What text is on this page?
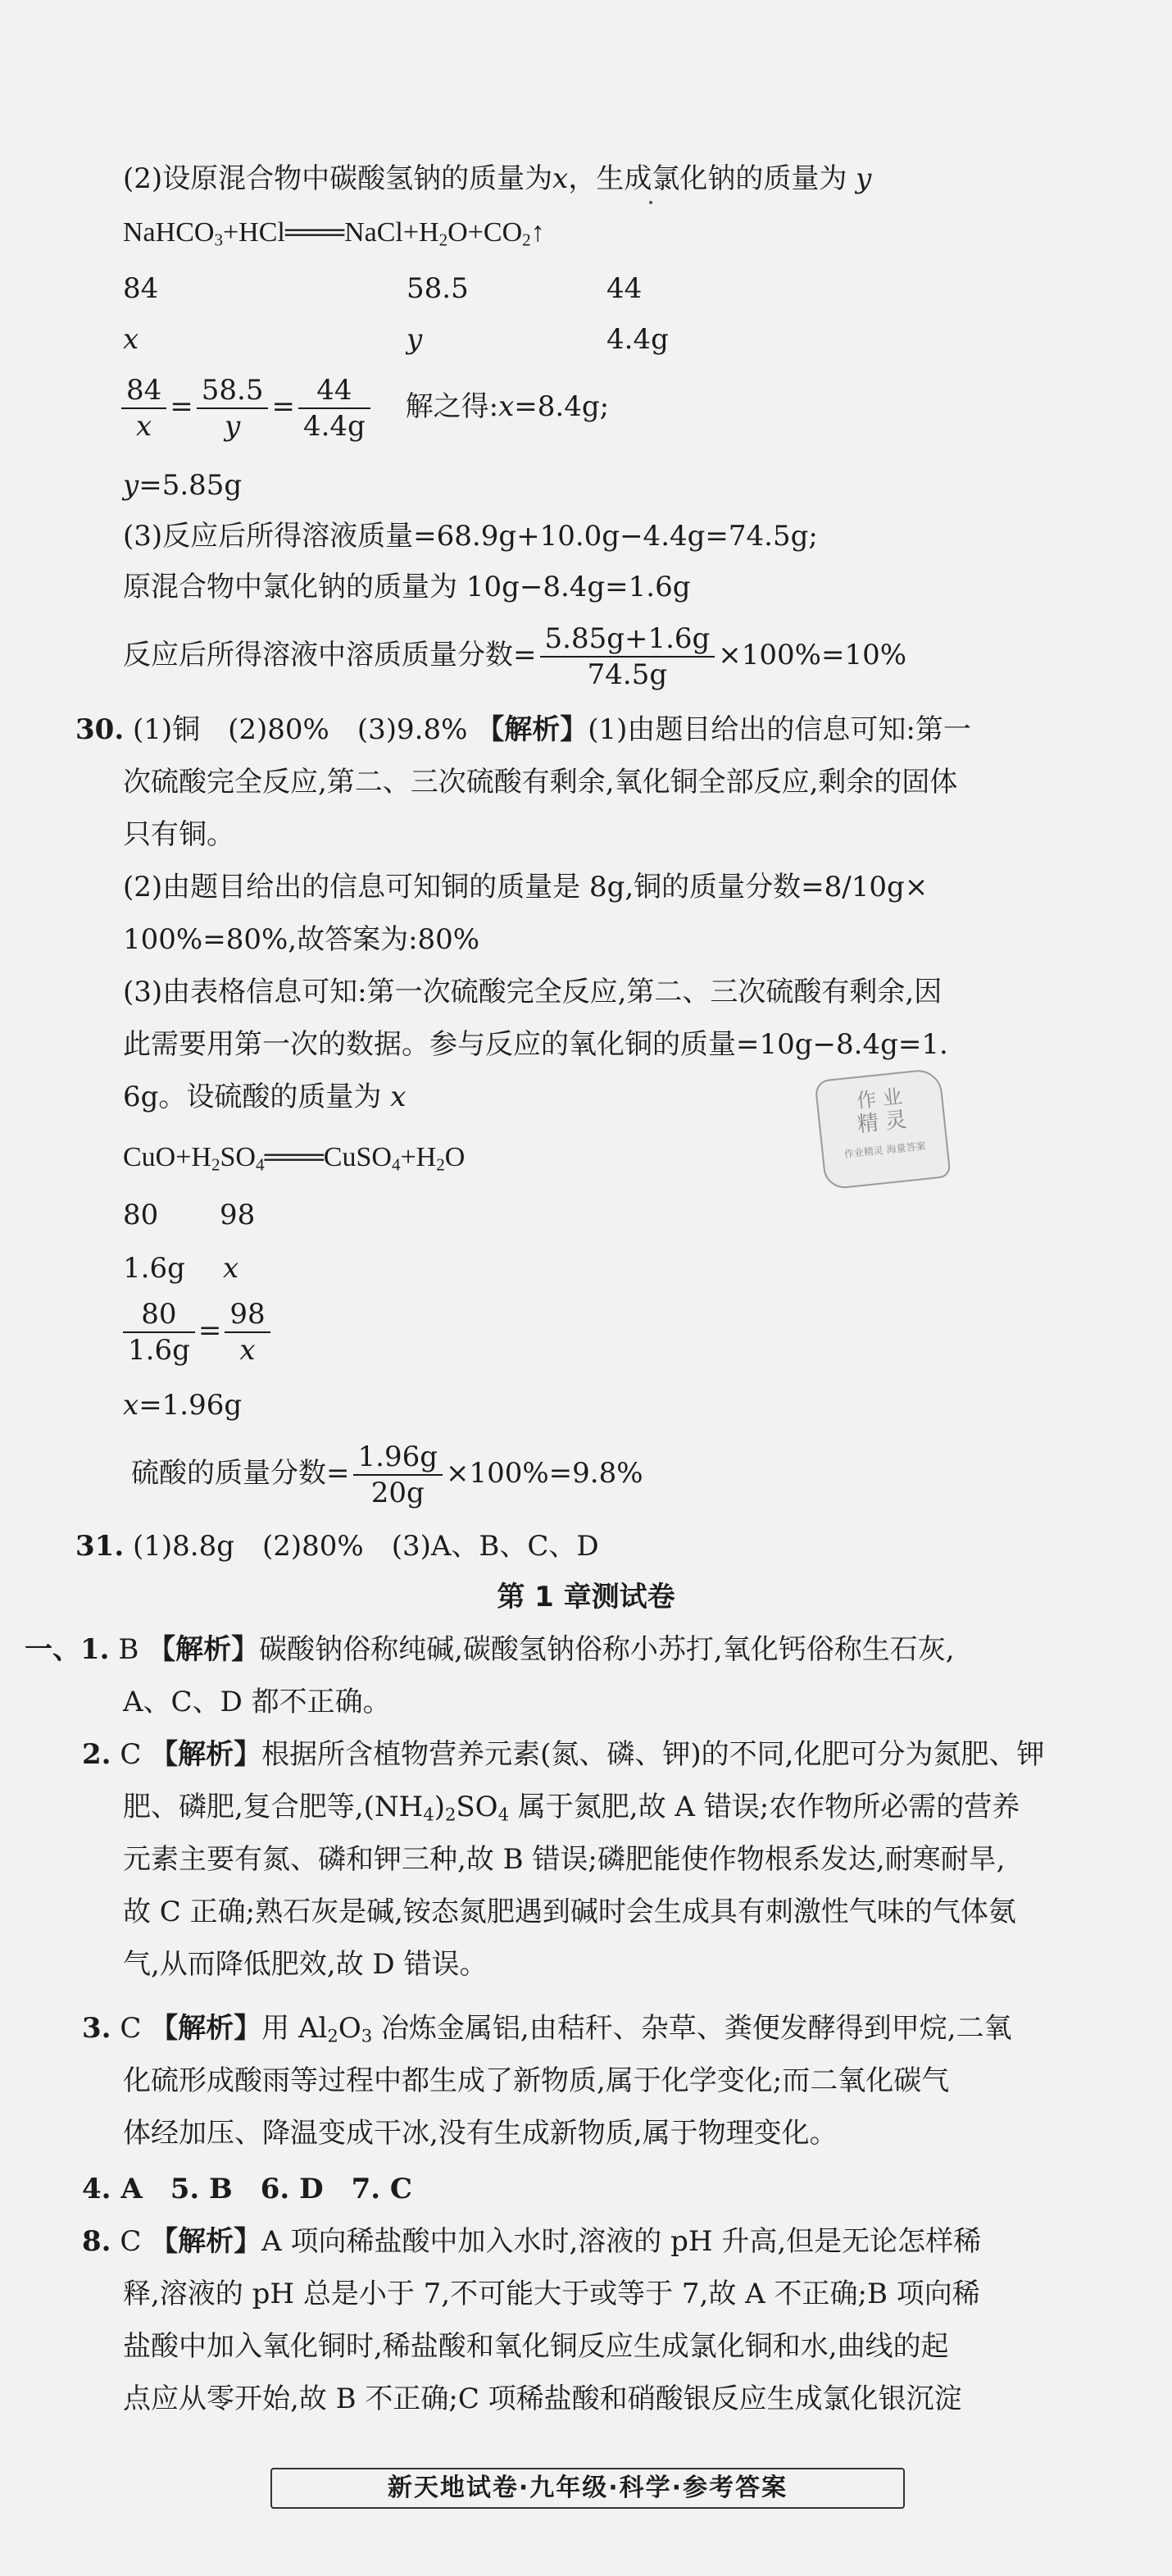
(2)设原混合物中碳酸氢钠的质量为x，生成氯化钠的质量为 y
$NaHCO_3+HCl═══NaCl+H_2O+CO_2↑$
84	58.5	44
x	y	4.4g
$\frac{84}{x} = \frac{58.5}{y} = \frac{44}{4.4g}$ 解之得:x=8.4g;
y=5.85g
(3)反应后所得溶液质量=68.9g+10.0g−4.4g=74.5g;
原混合物中氯化钠的质量为 10g−8.4g=1.6g
反应后所得溶液中溶质质量分数= $\frac{5.85g+1.6g}{74.5g} \times 100\%=10\%$
30. (1)铜　(2)80%　(3)9.8% 【解析】(1)由题目给出的信息可知:第一
次硫酸完全反应,第二、三次硫酸有剩余,氧化铜全部反应,剩余的固体
只有铜。
(2)由题目给出的信息可知铜的质量是 8g,铜的质量分数=8/10g×
100%=80%,故答案为:80%
(3)由表格信息可知:第一次硫酸完全反应,第二、三次硫酸有剩余,因
此需要用第一次的数据。参与反应的氧化铜的质量=10g−8.4g=1.
6g。设硫酸的质量为 x	作 业
精 灵
作业精灵 海量答案
$CuO+H_2SO_4═══CuSO_4+H_2O$
80 98
1.6g x
$\frac{80}{1.6g} = \frac{98}{x}$
x=1.96g
硫酸的质量分数= $\frac{1.96g}{20g} \times 100\%=9.8\%$
31. (1)8.8g　(2)80%　(3)A、B、C、D
第 1 章测试卷
一、1. B 【解析】碳酸钠俗称纯碱,碳酸氢钠俗称小苏打,氧化钙俗称生石灰,
A、C、D 都不正确。
2. C 【解析】根据所含植物营养元素(氮、磷、钾)的不同,化肥可分为氮肥、钾
肥、磷肥,复合肥等$,(NH_4)_2SO_4$ 属于氮肥,故 A 错误;农作物所必需的营养
元素主要有氮、磷和钾三种,故 B 错误;磷肥能使作物根系发达,耐寒耐旱,
故 C 正确;熟石灰是碱,铵态氮肥遇到碱时会生成具有刺激性气味的气体氨
气,从而降低肥效,故 D 错误。
3. C 【解析】用 $Al_2O_3$ 冶炼金属铝,由秸秆、杂草、粪便发酵得到甲烷,二氧
化硫形成酸雨等过程中都生成了新物质,属于化学变化;而二氧化碳气
体经加压、降温变成干冰,没有生成新物质,属于物理变化。
4. A　5. B　6. D　7. C
8. C 【解析】A 项向稀盐酸中加入水时,溶液的 pH 升高,但是无论怎样稀
释,溶液的 pH 总是小于 7,不可能大于或等于 7,故 A 不正确;B 项向稀
盐酸中加入氧化铜时,稀盐酸和氧化铜反应生成氯化铜和水,曲线的起
点应从零开始,故 B 不正确;C 项稀盐酸和硝酸银反应生成氯化银沉淀
新天地试卷·九年级·科学·参考答案
